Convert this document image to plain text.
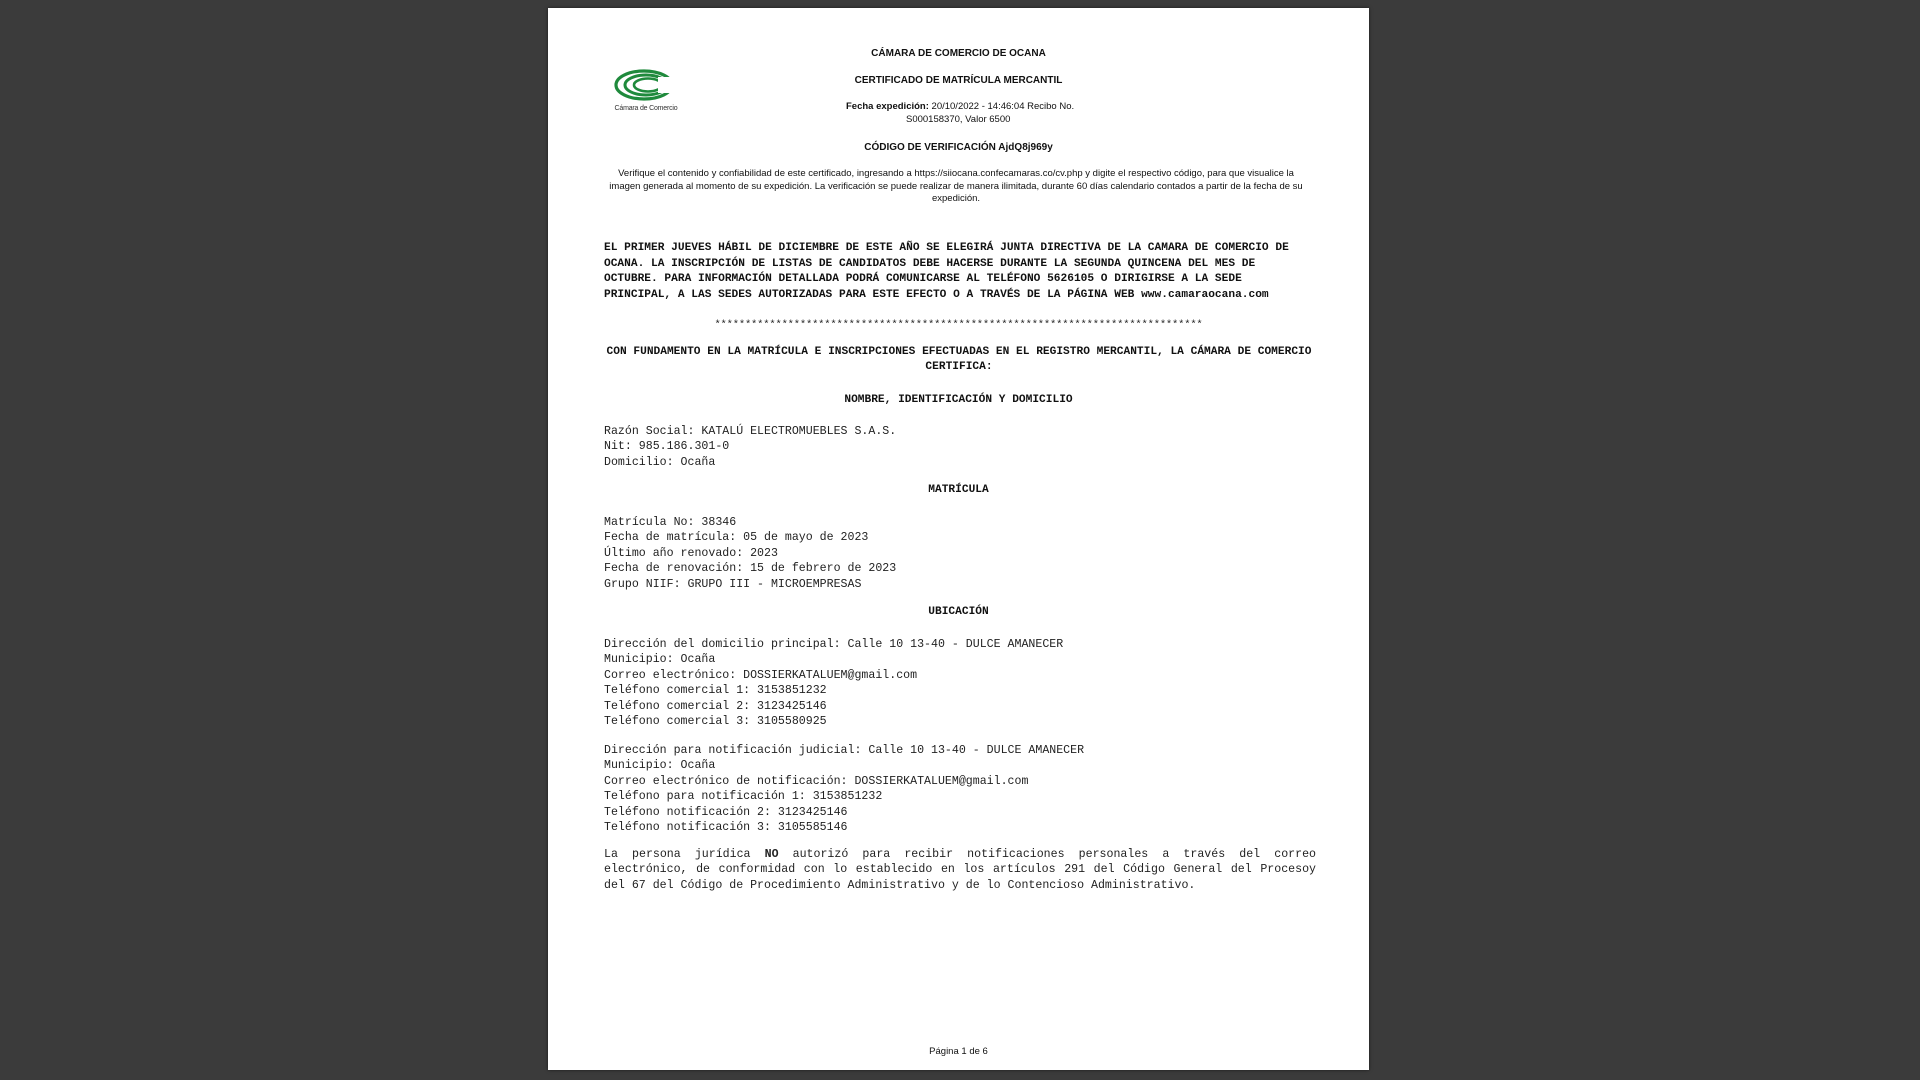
Cámara de Comercio
CÁMARA DE COMERCIO DE OCANA
CERTIFICADO DE MATRÍCULA MERCANTIL
Fecha expedición: 20/10/2022 - 14:46:04 Recibo No.
S000158370, Valor 6500
CÓDIGO DE VERIFICACIÓN AjdQ8j969y
Verifique el contenido y confiabilidad de este certificado, ingresando a https://siiocana.confecamaras.co/cv.php y digite el respectivo código, para que visualice la imagen generada al momento de su expedición. La verificación se puede realizar de manera ilimitada, durante 60 días calendario contados a partir de la fecha de su expedición.
EL PRIMER JUEVES HÁBIL DE DICIEMBRE DE ESTE AÑO SE ELEGIRÁ JUNTA DIRECTIVA DE LA CAMARA DE COMERCIO DE OCANA. LA INSCRIPCIÓN DE LISTAS DE CANDIDATOS DEBE HACERSE DURANTE LA SEGUNDA QUINCENA DEL MES DE OCTUBRE. PARA INFORMACIÓN DETALLADA PODRÁ COMUNICARSE AL TELÉFONO 5626105 O DIRIGIRSE A LA SEDE PRINCIPAL, A LAS SEDES AUTORIZADAS PARA ESTE EFECTO O A TRAVÉS DE LA PÁGINA WEB www.camaraocana.com
********************************************************************************
CON FUNDAMENTO EN LA MATRÍCULA E INSCRIPCIONES EFECTUADAS EN EL REGISTRO MERCANTIL, LA CÁMARA DE COMERCIO CERTIFICA:
NOMBRE, IDENTIFICACIÓN Y DOMICILIO
Razón Social: KATALÚ ELECTROMUEBLES S.A.S.
Nit: 985.186.301-0
Domicilio: Ocaña
MATRÍCULA
Matrícula No: 38346
Fecha de matrícula: 05 de mayo de 2023
Último año renovado: 2023
Fecha de renovación: 15 de febrero de 2023
Grupo NIIF: GRUPO III - MICROEMPRESAS
UBICACIÓN
Dirección del domicilio principal: Calle 10 13-40 - DULCE AMANECER
Municipio: Ocaña
Correo electrónico: DOSSIERKATALUEM@gmail.com
Teléfono comercial 1: 3153851232
Teléfono comercial 2: 3123425146
Teléfono comercial 3: 3105580925
Dirección para notificación judicial: Calle 10 13-40 - DULCE AMANECER
Municipio: Ocaña
Correo electrónico de notificación: DOSSIERKATALUEM@gmail.com
Teléfono para notificación 1: 3153851232
Teléfono notificación 2: 3123425146
Teléfono notificación 3: 3105585146
La persona jurídica NO autorizó para recibir notificaciones personales a través del correo electrónico, de conformidad con lo establecido en los artículos 291 del Código General del Procesoy del 67 del Código de Procedimiento Administrativo y de lo Contencioso Administrativo.
Página 1 de 6
